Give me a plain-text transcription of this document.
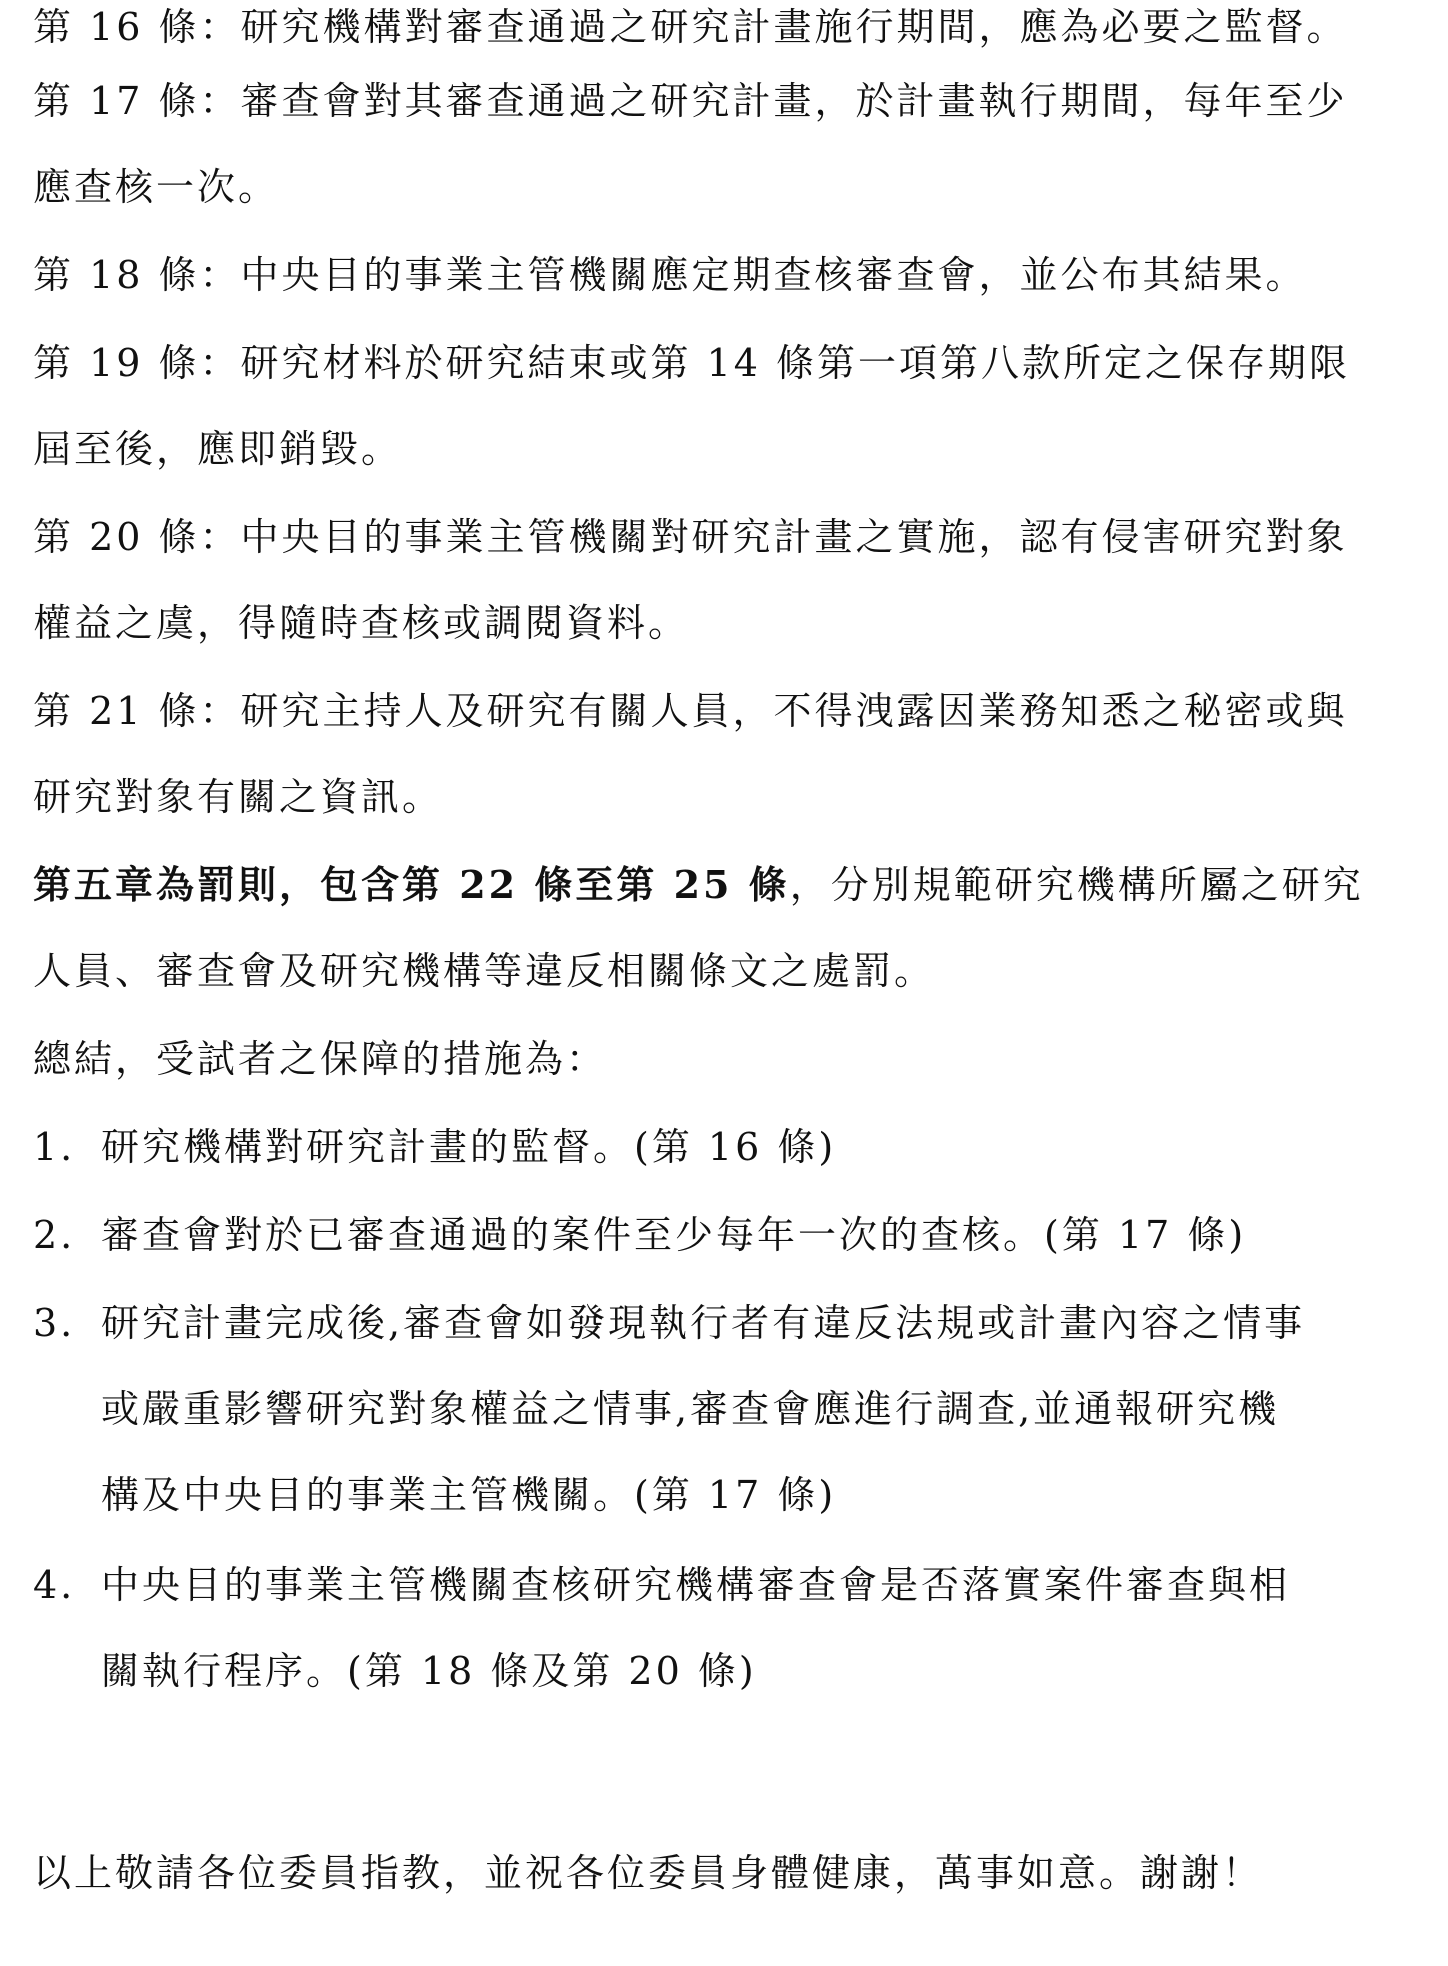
第 16 條：研究機構對審查通過之研究計畫施行期間，應為必要之監督。
第 17 條：審查會對其審查通過之研究計畫，於計畫執行期間，每年至少
應查核一次。
第 18 條：中央目的事業主管機關應定期查核審查會，並公布其結果。
第 19 條：研究材料於研究結束或第 14 條第一項第八款所定之保存期限
屆至後，應即銷毀。
第 20 條：中央目的事業主管機關對研究計畫之實施，認有侵害研究對象
權益之虞，得隨時查核或調閱資料。
第 21 條：研究主持人及研究有關人員，不得洩露因業務知悉之秘密或與
研究對象有關之資訊。
第五章為罰則，包含第 22 條至第 25 條，分別規範研究機構所屬之研究
人員、審查會及研究機構等違反相關條文之處罰。
總結，受試者之保障的措施為：
1. 研究機構對研究計畫的監督。(第 16 條)
2. 審查會對於已審查通過的案件至少每年一次的查核。(第 17 條)
3. 研究計畫完成後,審查會如發現執行者有違反法規或計畫內容之情事
或嚴重影響研究對象權益之情事,審查會應進行調查,並通報研究機
構及中央目的事業主管機關。(第 17 條)
4. 中央目的事業主管機關查核研究機構審查會是否落實案件審查與相
關執行程序。(第 18 條及第 20 條)
以上敬請各位委員指教，並祝各位委員身體健康，萬事如意。謝謝！
